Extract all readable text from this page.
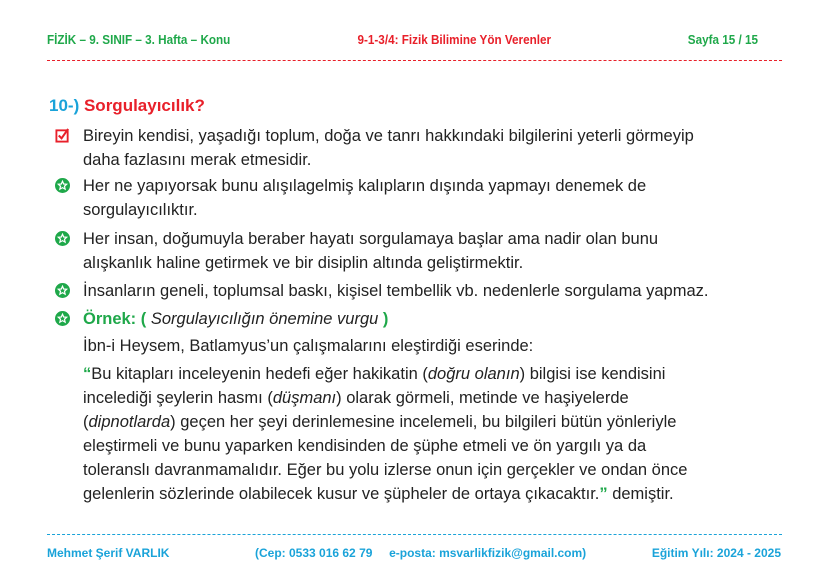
FİZİK – 9. SINIF – 3. Hafta – Konu	9-1-3/4: Fizik Bilimine Yön Verenler	Sayfa 15 / 15
10-) Sorgulayıcılık?
Bireyin kendisi, yaşadığı toplum, doğa ve tanrı hakkındaki bilgilerini yeterli görmeyip
daha fazlasını merak etmesidir.
Her ne yapıyorsak bunu alışılagelmiş kalıpların dışında yapmayı denemek de
sorgulayıcılıktır.
Her insan, doğumuyla beraber hayatı sorgulamaya başlar ama nadir olan bunu
alışkanlık haline getirmek ve bir disiplin altında geliştirmektir.
İnsanların geneli, toplumsal baskı, kişisel tembellik vb. nedenlerle sorgulama yapmaz.
Örnek: ( Sorgulayıcılığın önemine vurgu )
İbn-i Heysem, Batlamyus’un çalışmalarını eleştirdiği eserinde:
“Bu kitapları inceleyenin hedefi eğer hakikatin (doğru olanın) bilgisi ise kendisini
incelediği şeylerin hasmı (düşmanı) olarak görmeli, metinde ve haşiyelerde
(dipnotlarda) geçen her şeyi derinlemesine incelemeli, bu bilgileri bütün yönleriyle
eleştirmeli ve bunu yaparken kendisinden de şüphe etmeli ve ön yargılı ya da
toleranslı davranmamalıdır. Eğer bu yolu izlerse onun için gerçekler ve ondan önce
gelenlerin sözlerinde olabilecek kusur ve şüpheler de ortaya çıkacaktır.” demiştir.
Mehmet Şerif VARLIK	(Cep: 0533 016 62 79     e-posta: msvarlikfizik@gmail.com)	Eğitim Yılı: 2024 - 2025
